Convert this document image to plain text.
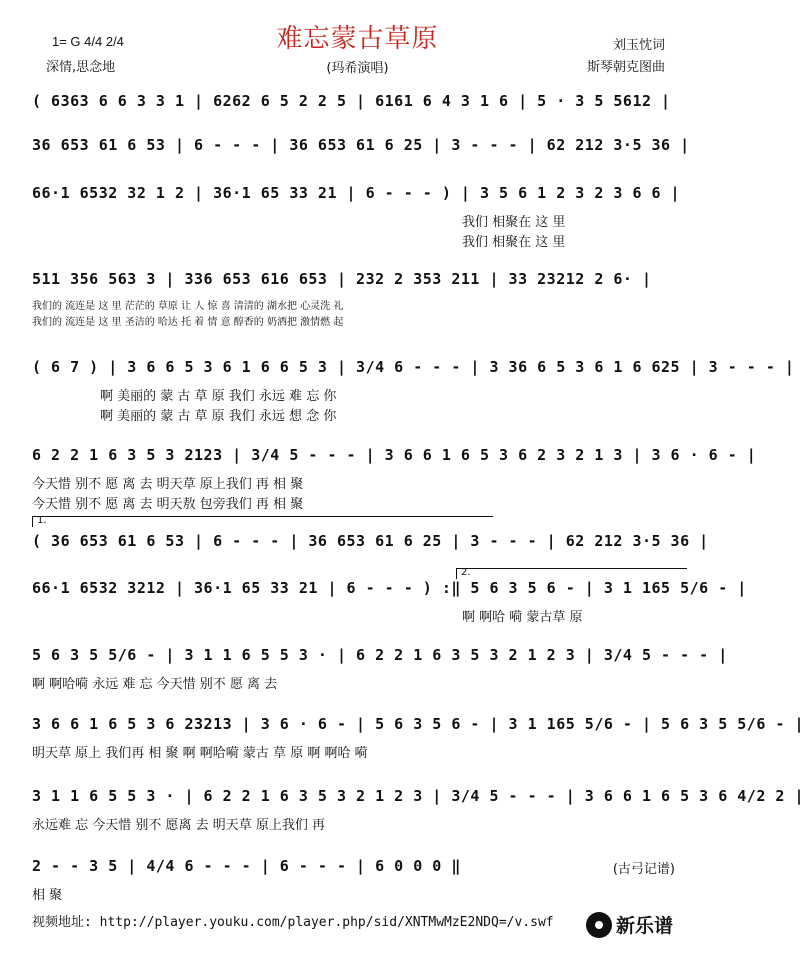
1= G 4/4 2/4
深情,思念地
难忘蒙古草原
(玛希演唱)
刘玉忱词
斯琴朝克图曲
( 6363 6 6 3 3 1 | 6262 6 5 2 2 5 | 6161 6 4 3 1 6 | 5 · 3 5 5612 |
36 653 61 6 53 | 6 - - - | 36 653 61 6 25 | 3 - - - | 62 212 3·5 36 |
66·1 6532 32 1 2 | 36·1 65 33 21 | 6 - - - ) | 3 5 6 1 2 3 2 3 6 6 |
我们 相聚在 这 里
我们 相聚在 这 里
511 356 563 3 | 336 653 616 653 | 232 2 353 211 | 33 23212 2 6· |
我们的 流连是 这 里 茫茫的 草原 让 人 惊 喜 清清的 湖水把 心灵洗 礼
我们的 流连是 这 里 圣洁的 哈达 托 着 情 意 醇香的 奶酒把 激情燃 起
( 6 7 ) | 3 6 6 5 3 6 1 6 6 5 3 | 3/4 6 - - - | 3 36 6 5 3 6 1 6 625 | 3 - - - |
啊 美丽的 蒙 古 草 原 我们 永远 难 忘 你
啊 美丽的 蒙 古 草 原 我们 永远 想 念 你
6 2 2 1 6 3 5 3 2123 | 3/4 5 - - - | 3 6 6 1 6 5 3 6 2 3 2 1 3 | 3 6 · 6 - |
今天惜 别不 愿 离 去 明天草 原上我们 再 相 聚
今天惜 别不 愿 离 去 明天敖 包旁我们 再 相 聚
( 36 653 61 6 53 | 6 - - - | 36 653 61 6 25 | 3 - - - | 62 212 3·5 36 |
66·1 6532 3212 | 36·1 65 33 21 | 6 - - - ) :‖ 5 6 3 5 6 - | 3 1 165 5/6 - |
啊 啊哈 嗬 蒙古草 原
5 6 3 5 5/6 - | 3 1 1 6 5 5 3 · | 6 2 2 1 6 3 5 3 2 1 2 3 | 3/4 5 - - - |
啊 啊哈嗬 永远 难 忘 今天惜 别不 愿 离 去
3 6 6 1 6 5 3 6 23213 | 3 6 · 6 - | 5 6 3 5 6 - | 3 1 165 5/6 - | 5 6 3 5 5/6 - |
明天草 原上 我们再 相 聚 啊 啊哈嗬 蒙古 草 原 啊 啊哈 嗬
3 1 1 6 5 5 3 · | 6 2 2 1 6 3 5 3 2 1 2 3 | 3/4 5 - - - | 3 6 6 1 6 5 3 6 4/2 2 |
永远难 忘 今天惜 别不 愿离 去 明天草 原上我们 再
2 - - 3 5 | 4/4 6 - - - | 6 - - - | 6 0 0 0 ‖
相 聚
1.
2.
(古弓记谱)
视频地址: http://player.youku.com/player.php/sid/XNTMwMzE2NDQ=/v.swf	新乐谱
